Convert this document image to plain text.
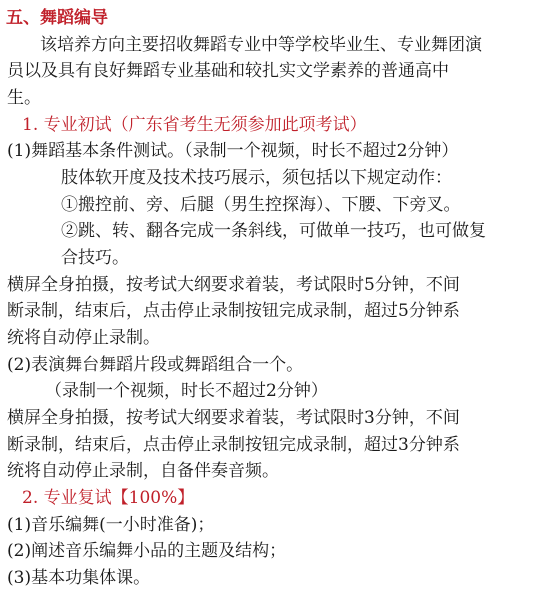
五、舞蹈编导
该培养方向主要招收舞蹈专业中等学校毕业生、专业舞团演
员以及具有良好舞蹈专业基础和较扎实文学素养的普通高中
生。
1. 专业初试（广东省考生无须参加此项考试）
(1)舞蹈基本条件测试。（录制一个视频，时长不超过2分钟）
肢体软开度及技术技巧展示，须包括以下规定动作：
①搬控前、旁、后腿（男生控探海）、下腰、下旁叉。
②跳、转、翻各完成一条斜线，可做单一技巧，也可做复
合技巧。
横屏全身拍摄，按考试大纲要求着装，考试限时5分钟，不间
断录制，结束后，点击停止录制按钮完成录制，超过5分钟系
统将自动停止录制。
(2)表演舞台舞蹈片段或舞蹈组合一个。
（录制一个视频，时长不超过2分钟）
横屏全身拍摄，按考试大纲要求着装，考试限时3分钟，不间
断录制，结束后，点击停止录制按钮完成录制，超过3分钟系
统将自动停止录制，自备伴奏音频。
2. 专业复试【100%】
(1)音乐编舞(一小时准备)；
(2)阐述音乐编舞小品的主题及结构；
(3)基本功集体课。
